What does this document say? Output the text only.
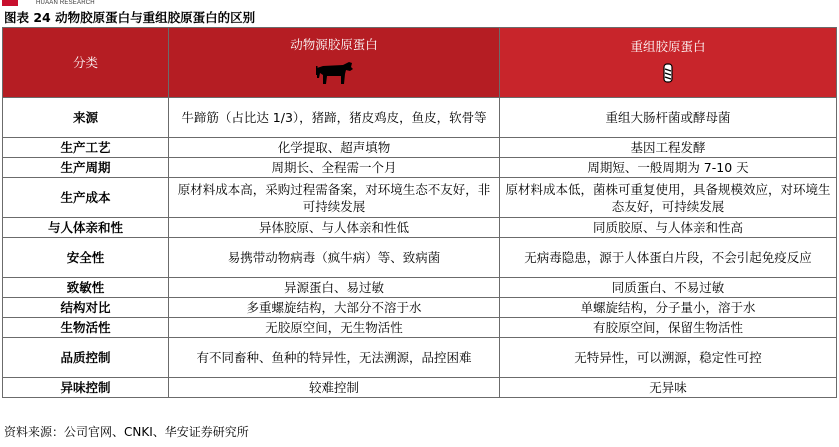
HUAAN RESEARCH
图表 24 动物胶原蛋白与重组胶原蛋白的区别
分类	动物源胶原蛋白	重组胶原蛋白

来源	牛蹄筋（占比达 1/3），猪蹄，猪皮鸡皮，鱼皮，软骨等	重组大肠杆菌或酵母菌
生产工艺	化学提取、超声填物	基因工程发酵
生产周期	周期长、全程需一个月	周期短、一般周期为 7-10 天
生产成本	原材料成本高，采购过程需备案，对环境生态不友好，非可持续发展	原材料成本低，菌株可重复使用，具备规模效应，对环境生态友好，可持续发展
与人体亲和性	异体胶原、与人体亲和性低	同质胶原、与人体亲和性高
安全性	易携带动物病毒（疯牛病）等、致病菌	无病毒隐患，源于人体蛋白片段，不会引起免疫反应
致敏性	异源蛋白、易过敏	同质蛋白、不易过敏
结构对比	多重螺旋结构，大部分不溶于水	单螺旋结构，分子量小，溶于水
生物活性	无胶原空间，无生物活性	有胶原空间，保留生物活性
品质控制	有不同畜种、鱼种的特异性，无法溯源，品控困难	无特异性，可以溯源，稳定性可控
异味控制	较难控制	无异味
资料来源：公司官网、CNKI、华安证券研究所
